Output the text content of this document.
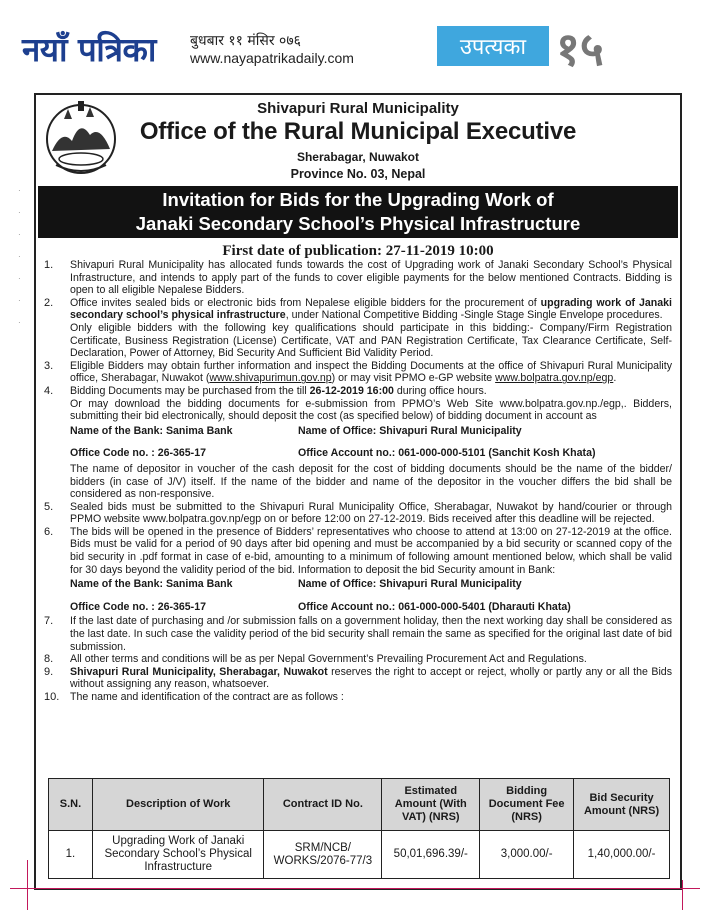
नयाँ पत्रिका बुधबार ११ मंसिर ०७६
www.nayapatrikadaily.com	उपत्यका १५
·
·
·
·
·
·
·
Shivapuri Rural Municipality
Office of the Rural Municipal Executive
Sherabagar, Nuwakot
Province No. 03, Nepal
Invitation for Bids for the Upgrading Work of
Janaki Secondary School’s Physical Infrastructure
First date of publication: 27-11-2019 10:00
1.	Shivapuri Rural Municipality has allocated funds towards the cost of Upgrading work of Janaki Secondary School’s Physical Infrastructure, and intends to apply part of the funds to cover eligible payments for the below mentioned Contracts. Bidding is open to all eligible Nepalese Bidders.
2.	Office invites sealed bids or electronic bids from Nepalese eligible bidders for the procurement of upgrading work of Janaki secondary school’s physical infrastructure, under National Competitive Bidding -Single Stage Single Envelope procedures.
Only eligible bidders with the following key qualifications should participate in this bidding:- Company/Firm Registration Certificate, Business Registration (License) Certificate, VAT and PAN Registration Certificate, Tax Clearance Certificate, Self-Declaration, Power of Attorney, Bid Security And Sufficient Bid Validity Period.
3.	Eligible Bidders may obtain further information and inspect the Bidding Documents at the office of Shivapuri Rural Municipality office, Sherabagar, Nuwakot (www.shivapurimun.gov.np) or may visit PPMO e-GP website www.bolpatra.gov.np/egp.
4.	Bidding Documents may be purchased from the till 26-12-2019 16:00 during office hours.
Or may download the bidding documents for e-submission from PPMO’s Web Site www.bolpatra.gov.np./egp,. Bidders, submitting their bid electronically, should deposit the cost (as specified below) of bidding document in account as
Name of the Bank: Sanima Bank	Name of Office: Shivapuri Rural Municipality
Office Code no. : 26-365-17	Office Account no.: 061-000-000-5101 (Sanchit Kosh Khata)
The name of depositor in voucher of the cash deposit for the cost of bidding documents should be the name of the bidder/ bidders (in case of J/V) itself. If the name of the bidder and name of the depositor in the voucher differs the bid shall be considered as non-responsive.
5.	Sealed bids must be submitted to the Shivapuri Rural Municipality Office, Sherabagar, Nuwakot by hand/courier or through PPMO website www.bolpatra.gov.np/egp on or before 12:00 on 27-12-2019. Bids received after this deadline will be rejected.
6.	The bids will be opened in the presence of Bidders’ representatives who choose to attend at 13:00 on 27-12-2019 at the office. Bids must be valid for a period of 90 days after bid opening and must be accompanied by a bid security or scanned copy of the bid security in .pdf format in case of e-bid, amounting to a minimum of following amount mentioned below, which shall be valid for 30 days beyond the validity period of the bid. Information to deposit the bid Security amount in Bank:
Name of the Bank: Sanima Bank	Name of Office: Shivapuri Rural Municipality
Office Code no. : 26-365-17	Office Account no.: 061-000-000-5401 (Dharauti Khata)
7.	If the last date of purchasing and /or submission falls on a government holiday, then the next working day shall be considered as the last date. In such case the validity period of the bid security shall remain the same as specified for the original last date of bid submission.
8.	All other terms and conditions will be as per Nepal Government’s Prevailing Procurement Act and Regulations.
9.	Shivapuri Rural Municipality, Sherabagar, Nuwakot reserves the right to accept or reject, wholly or partly any or all the Bids without assigning any reason, whatsoever.
10.	The name and identification of the contract are as follows :
S.N.	Description of Work	Contract ID No.	Estimated Amount (With VAT) (NRS)	Bidding Document Fee (NRS)	Bid Security Amount (NRS)
1.	Upgrading Work of Janaki Secondary School’s Physical Infrastructure	SRM/NCB/ WORKS/2076-77/3	50,01,696.39/-	3,000.00/-	1,40,000.00/-
